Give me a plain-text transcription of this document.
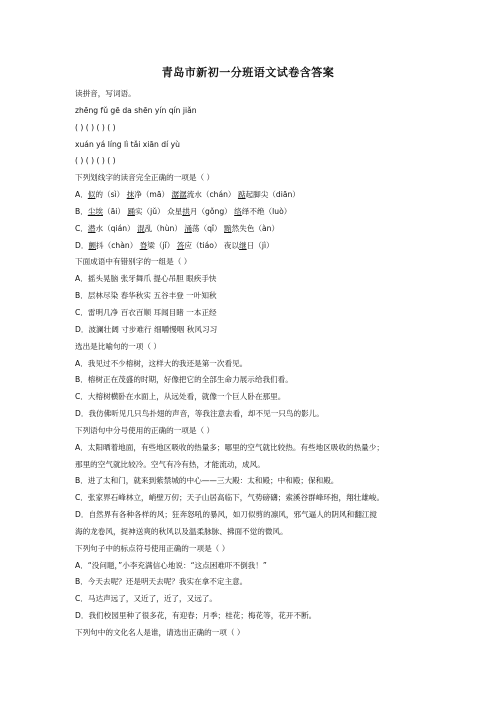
青岛市新初一分班语文试卷含答案
读拼音，写词语。
zhēng fǔ gē da shēn yín qín jiǎn
( ) ( ) ( ) ( )
xuán yá líng lì tǎi xiān dí yù
( ) ( ) ( ) ( )
下列划线字的读音完全正确的一项是（ ）
A．似的（sì） 抹净（mā） 潺潺流水（chán） 踮起脚尖（diān）
B．尘埃（āi） 踊实（jǔ） 众星拱月（gǒng） 络绎不绝（luò）
C．潜水（qián） 混乱（hùn） 涌荡（qǐ） 黯然失色（àn）
D．颤抖（chàn） 脊梁（jǐ） 答应（tiáo） 夜以继日（jì）
下面成语中有错别字的一组是（ ）
A．摇头晃脑 张牙舞爪 提心吊胆 眼疾手快
B．层林尽染 春华秋实 五谷丰登 一叶知秋
C．雷明几净 百衣百顺 耳闻目睹 一本正经
D．波澜壮阔 寸步难行 细嚼慢咽 秋风习习
选出是比喻句的一项（ ）
A．我见过不少榕树，这样大的我还是第一次看见。
B．榕树正在茂盛的时期，好像把它的全部生命力展示给我们看。
C．大榕树横卧在水面上，从远处看，就像一个巨人卧在那里。
D．我仿佛听见几只鸟扑翅的声音，等我注意去看，却不见一只鸟的影儿。
下列语句中分号使用的正确的一项是（ ）
A．太阳晒着地面，有些地区吸收的热量多；哪里的空气就比较热。有些地区吸收的热量少；
那里的空气就比较冷。空气有冷有热，才能流动，成风。
B．进了太和门，就来到紫禁城的中心——三大殿：太和殿；中和殿；保和殿。
C．张家界石峰林立，峭壁万仞；天子山居高临下，气势磅礴；索溪谷群峰环抱，翔壮雄峻。
D．自然界有各种各样的风；狂奔怒吼的暴风，如刀似剪的凛风，邪气逼人的阴风和翻江搅
海的龙卷风，捉神送爽的秋风以及温柔脉脉、拂面不觉的微风。
下列句子中的标点符号使用正确的一项是（ ）
A．“没问题，”小李充满信心地说：“这点困难吓不倒我！”
B．今天去呢？还是明天去呢？我实在拿不定主意。
C．马达声远了，又近了，近了，又远了。
D．我们校园里种了很多花，有迎春；月季；桂花；梅花等，花开不断。
下列句中的文化名人是谁，请选出正确的一项（ ）
